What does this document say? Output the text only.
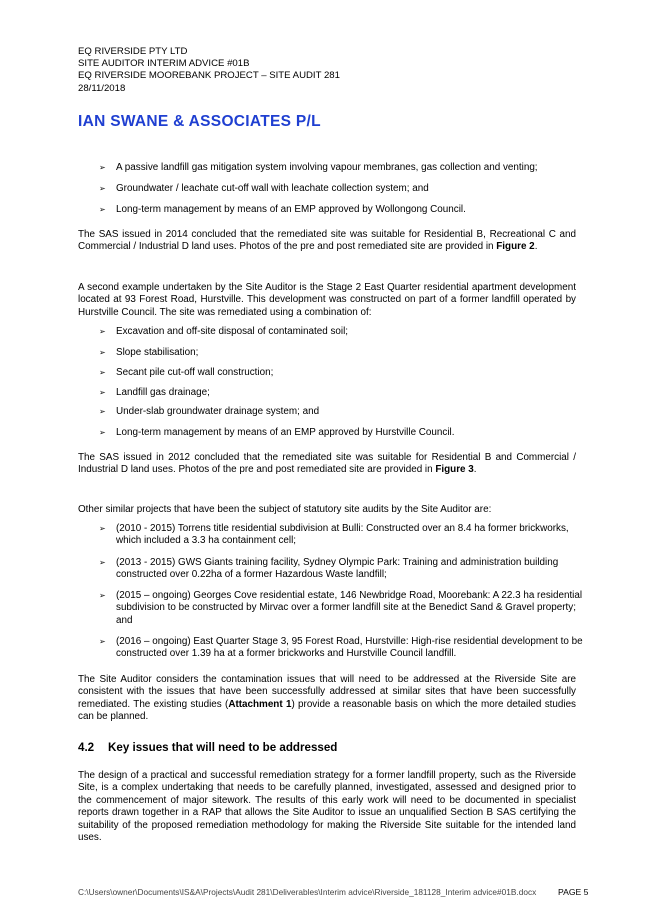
EQ RIVERSIDE PTY LTD
SITE AUDITOR INTERIM ADVICE #01B
EQ RIVERSIDE MOOREBANK PROJECT – SITE AUDIT 281
28/11/2018
IAN SWANE & ASSOCIATES P/L
➢	A passive landfill gas mitigation system involving vapour membranes, gas collection and venting;
➢	Groundwater / leachate cut-off wall with leachate collection system; and
➢	Long-term management by means of an EMP approved by Wollongong Council.
The SAS issued in 2014 concluded that the remediated site was suitable for Residential B, Recreational C and Commercial / Industrial D land uses. Photos of the pre and post remediated site are provided in Figure 2.
A second example undertaken by the Site Auditor is the Stage 2 East Quarter residential apartment development located at 93 Forest Road, Hurstville. This development was constructed on part of a former landfill operated by Hurstville Council. The site was remediated using a combination of:
➢	Excavation and off-site disposal of contaminated soil;
➢	Slope stabilisation;
➢	Secant pile cut-off wall construction;
➢	Landfill gas drainage;
➢	Under-slab groundwater drainage system; and
➢	Long-term management by means of an EMP approved by Hurstville Council.
The SAS issued in 2012 concluded that the remediated site was suitable for Residential B and Commercial / Industrial D land uses. Photos of the pre and post remediated site are provided in Figure 3.
Other similar projects that have been the subject of statutory site audits by the Site Auditor are:
➢	(2010 - 2015) Torrens title residential subdivision at Bulli: Constructed over an 8.4 ha former brickworks, which included a 3.3 ha containment cell;
➢	(2013 - 2015) GWS Giants training facility, Sydney Olympic Park: Training and administration building constructed over 0.22ha of a former Hazardous Waste landfill;
➢	(2015 – ongoing) Georges Cove residential estate, 146 Newbridge Road, Moorebank: A 22.3 ha residential subdivision to be constructed by Mirvac over a former landfill site at the Benedict Sand & Gravel property; and
➢	(2016 – ongoing) East Quarter Stage 3, 95 Forest Road, Hurstville: High-rise residential development to be constructed over 1.39 ha at a former brickworks and Hurstville Council landfill.
The Site Auditor considers the contamination issues that will need to be addressed at the Riverside Site are consistent with the issues that have been successfully addressed at similar sites that have been successfully remediated. The existing studies (Attachment 1) provide a reasonable basis on which the more detailed studies can be planned.
4.2 Key issues that will need to be addressed
The design of a practical and successful remediation strategy for a former landfill property, such as the Riverside Site, is a complex undertaking that needs to be carefully planned, investigated, assessed and designed prior to the commencement of major sitework. The results of this early work will need to be documented in specialist reports drawn together in a RAP that allows the Site Auditor to issue an unqualified Section B SAS certifying the suitability of the proposed remediation methodology for making the Riverside Site suitable for the intended land uses.
C:\Users\owner\Documents\IS&A\Projects\Audit 281\Deliverables\Interim advice\Riverside_181128_Interim advice#01B.docx	PAGE 5
